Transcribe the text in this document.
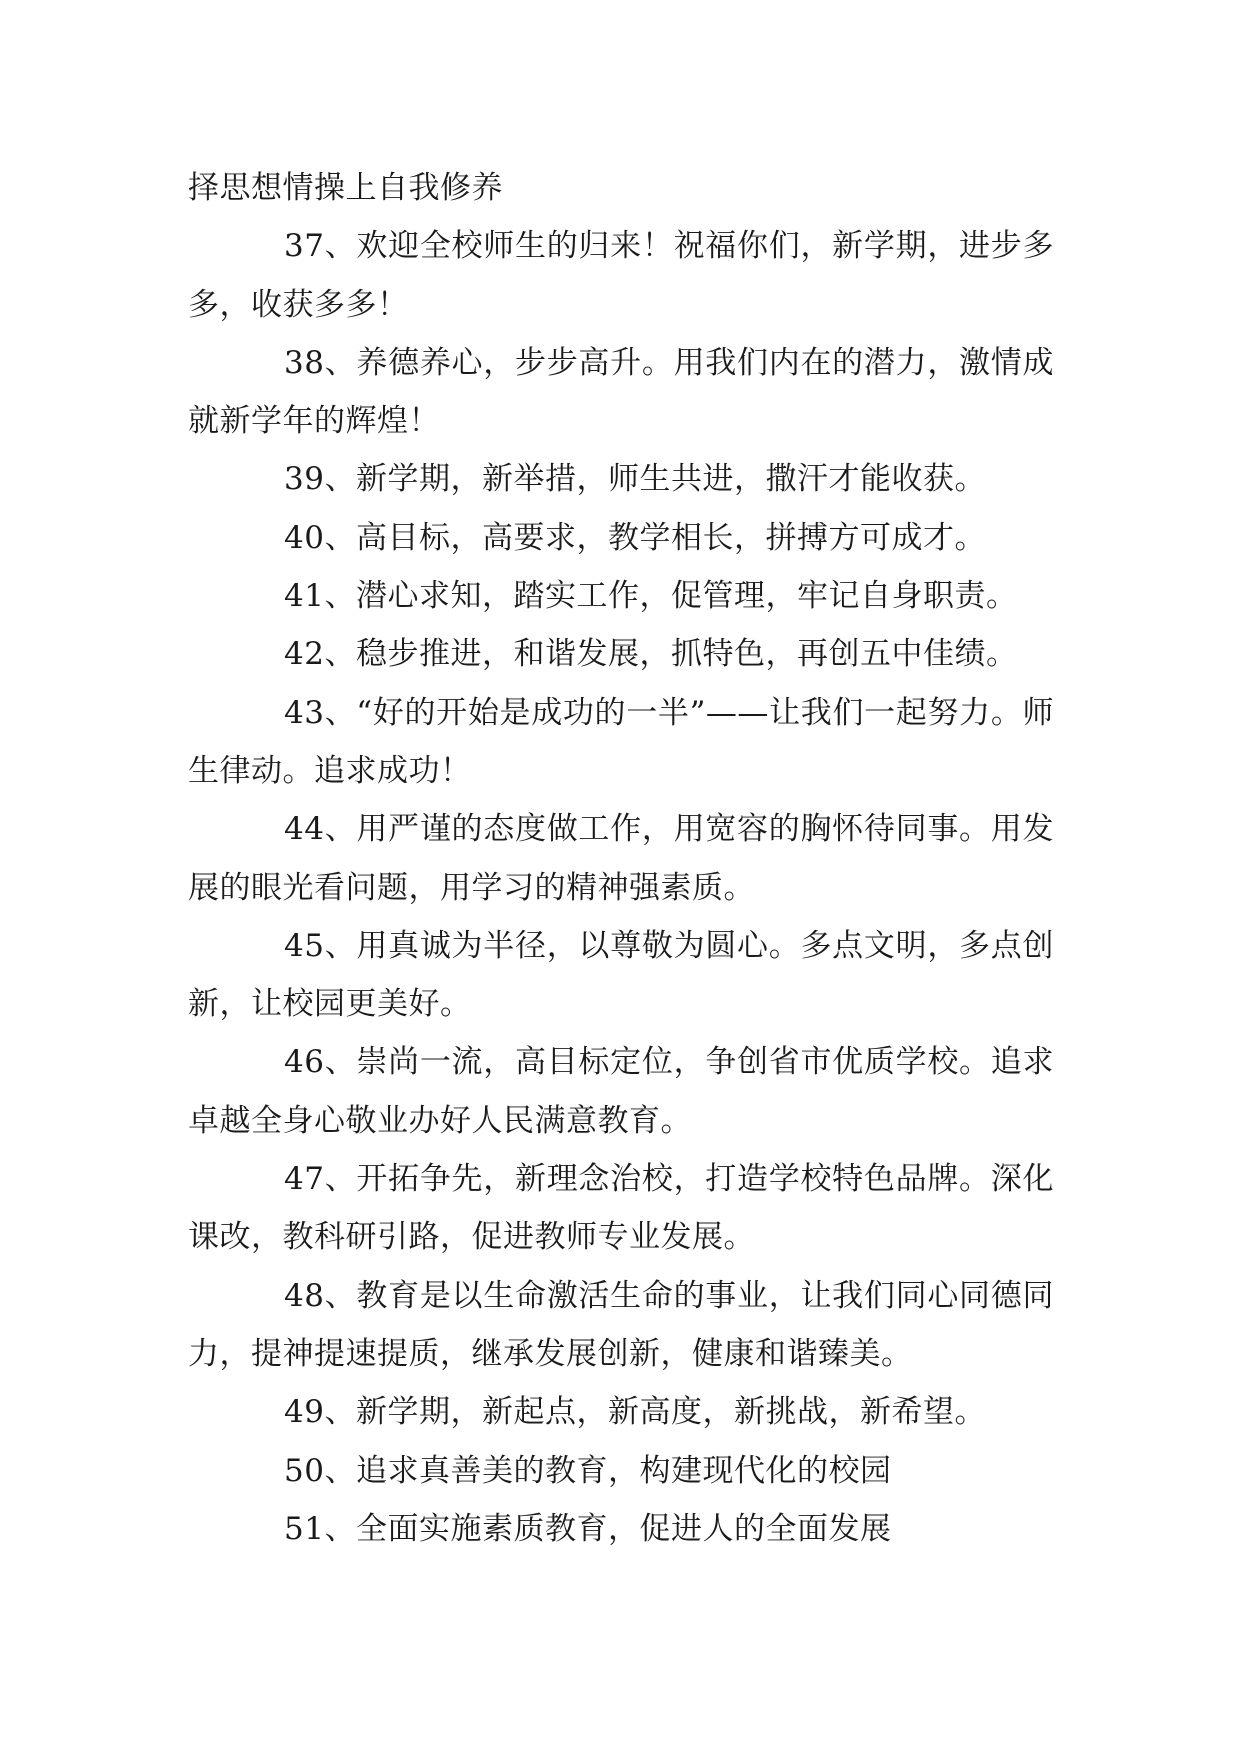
择思想情操上自我修养

37、欢迎全校师生的归来！祝福你们，新学期，进步多多，收获多多！

38、养德养心，步步高升。用我们内在的潜力，激情成就新学年的辉煌！

39、新学期，新举措，师生共进，撒汗才能收获。

40、高目标，高要求，教学相长，拼搏方可成才。

41、潜心求知，踏实工作，促管理，牢记自身职责。

42、稳步推进，和谐发展，抓特色，再创五中佳绩。

43、“好的开始是成功的一半”——让我们一起努力。师生律动。追求成功！

44、用严谨的态度做工作，用宽容的胸怀待同事。用发展的眼光看问题，用学习的精神强素质。

45、用真诚为半径，以尊敬为圆心。多点文明，多点创新，让校园更美好。

46、崇尚一流，高目标定位，争创省市优质学校。追求卓越全身心敬业办好人民满意教育。

47、开拓争先，新理念治校，打造学校特色品牌。深化课改，教科研引路，促进教师专业发展。

48、教育是以生命激活生命的事业，让我们同心同德同力，提神提速提质，继承发展创新，健康和谐臻美。

49、新学期，新起点，新高度，新挑战，新希望。

50、追求真善美的教育，构建现代化的校园

51、全面实施素质教育，促进人的全面发展
